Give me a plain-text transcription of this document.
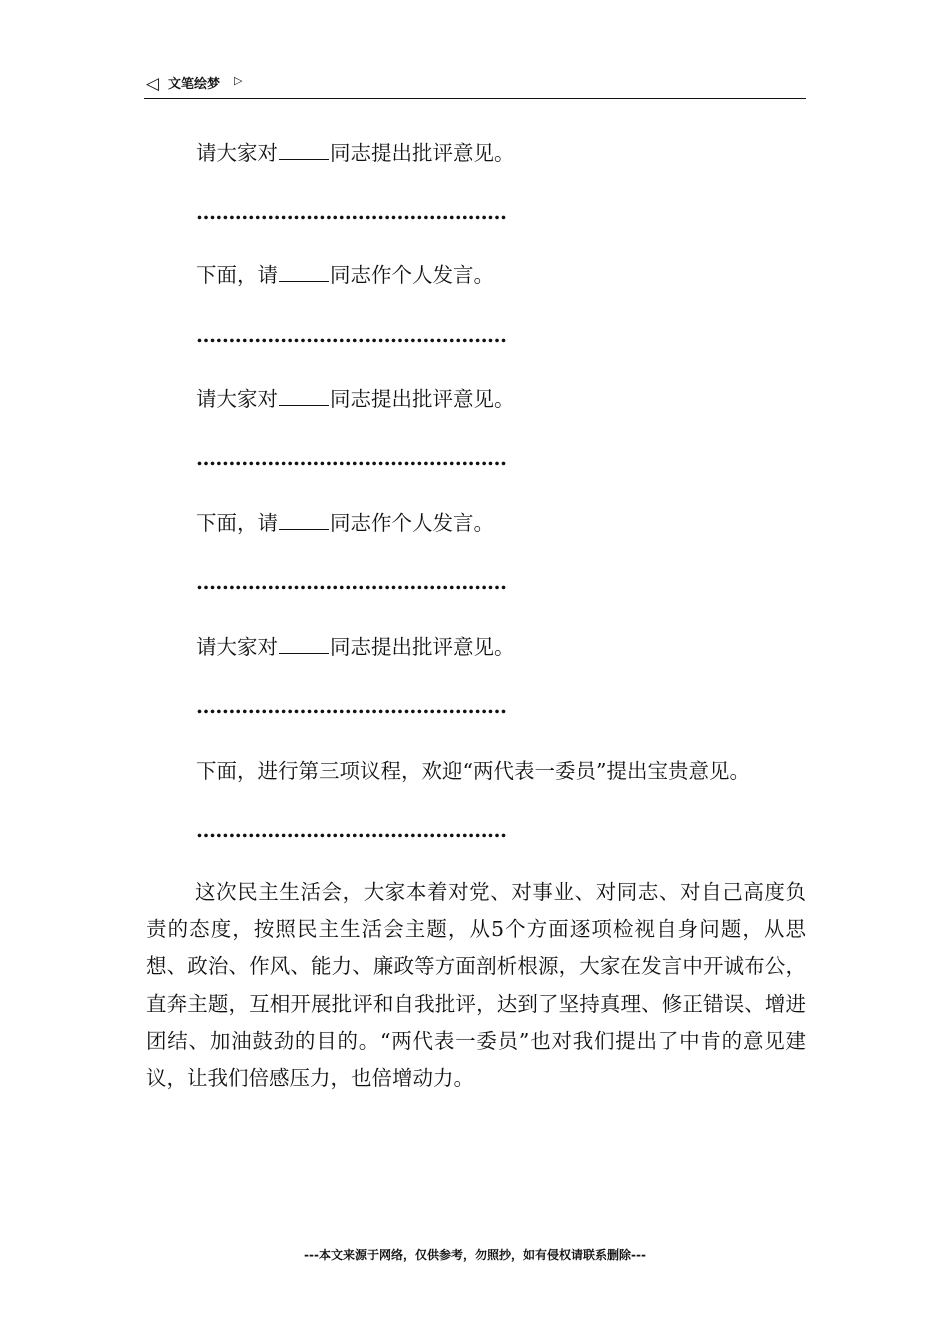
◁ 文笔绘梦 ▷
请大家对	同志提出批评意见。
…………………………………………
下面，请	同志作个人发言。
…………………………………………
请大家对	同志提出批评意见。
…………………………………………
下面，请	同志作个人发言。
…………………………………………
请大家对	同志提出批评意见。
…………………………………………
下面，进行第三项议程，欢迎“两代表一委员”提出宝贵意见。
…………………………………………
这次民主生活会，大家本着对党、对事业、对同志、对自己高度负责的态度，按照民主生活会主题，从5个方面逐项检视自身问题，从思想、政治、作风、能力、廉政等方面剖析根源，大家在发言中开诚布公，直奔主题，互相开展批评和自我批评，达到了坚持真理、修正错误、增进团结、加油鼓劲的目的。“两代表一委员”也对我们提出了中肯的意见建议，让我们倍感压力，也倍增动力。
---本文来源于网络，仅供参考，勿照抄，如有侵权请联系删除---
